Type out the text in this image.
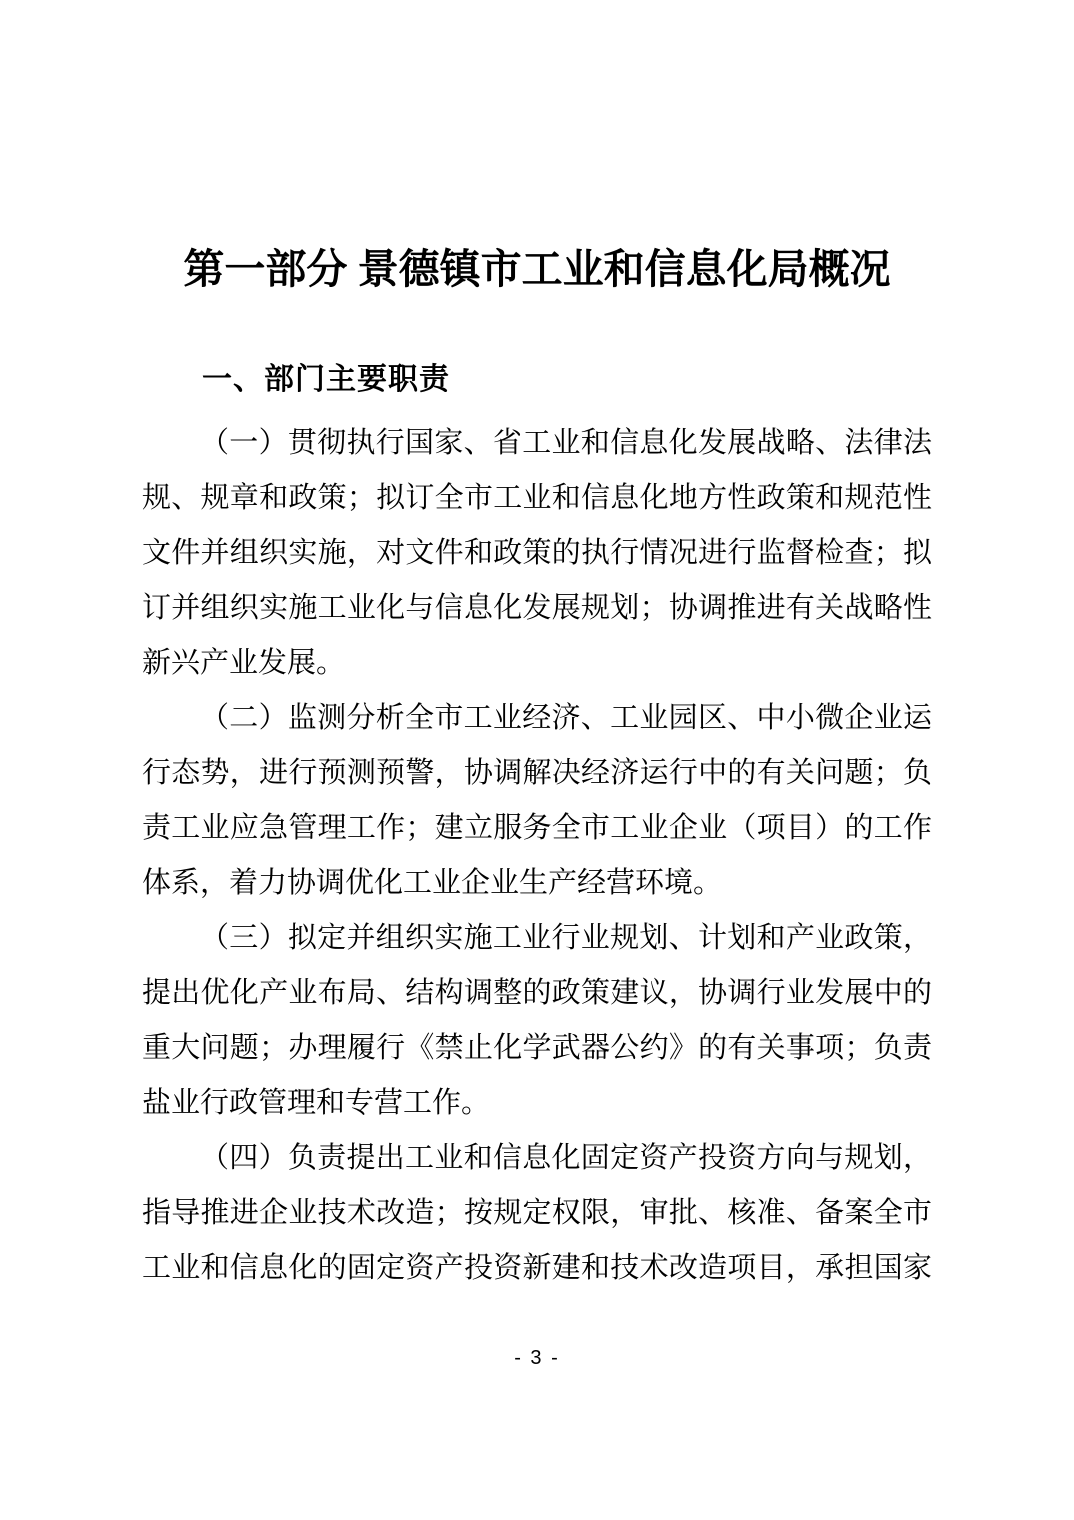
第一部分 景德镇市工业和信息化局概况
一、部门主要职责
（一）贯彻执行国家、省工业和信息化发展战略、法律法
规、规章和政策；拟订全市工业和信息化地方性政策和规范性
文件并组织实施，对文件和政策的执行情况进行监督检查；拟
订并组织实施工业化与信息化发展规划；协调推进有关战略性
新兴产业发展。
（二）监测分析全市工业经济、工业园区、中小微企业运
行态势，进行预测预警，协调解决经济运行中的有关问题；负
责工业应急管理工作；建立服务全市工业企业（项目）的工作
体系，着力协调优化工业企业生产经营环境。
（三）拟定并组织实施工业行业规划、计划和产业政策，
提出优化产业布局、结构调整的政策建议，协调行业发展中的
重大问题；办理履行《禁止化学武器公约》的有关事项；负责
盐业行政管理和专营工作。
（四）负责提出工业和信息化固定资产投资方向与规划，
指导推进企业技术改造；按规定权限，审批、核准、备案全市
工业和信息化的固定资产投资新建和技术改造项目，承担国家
- 3 -
